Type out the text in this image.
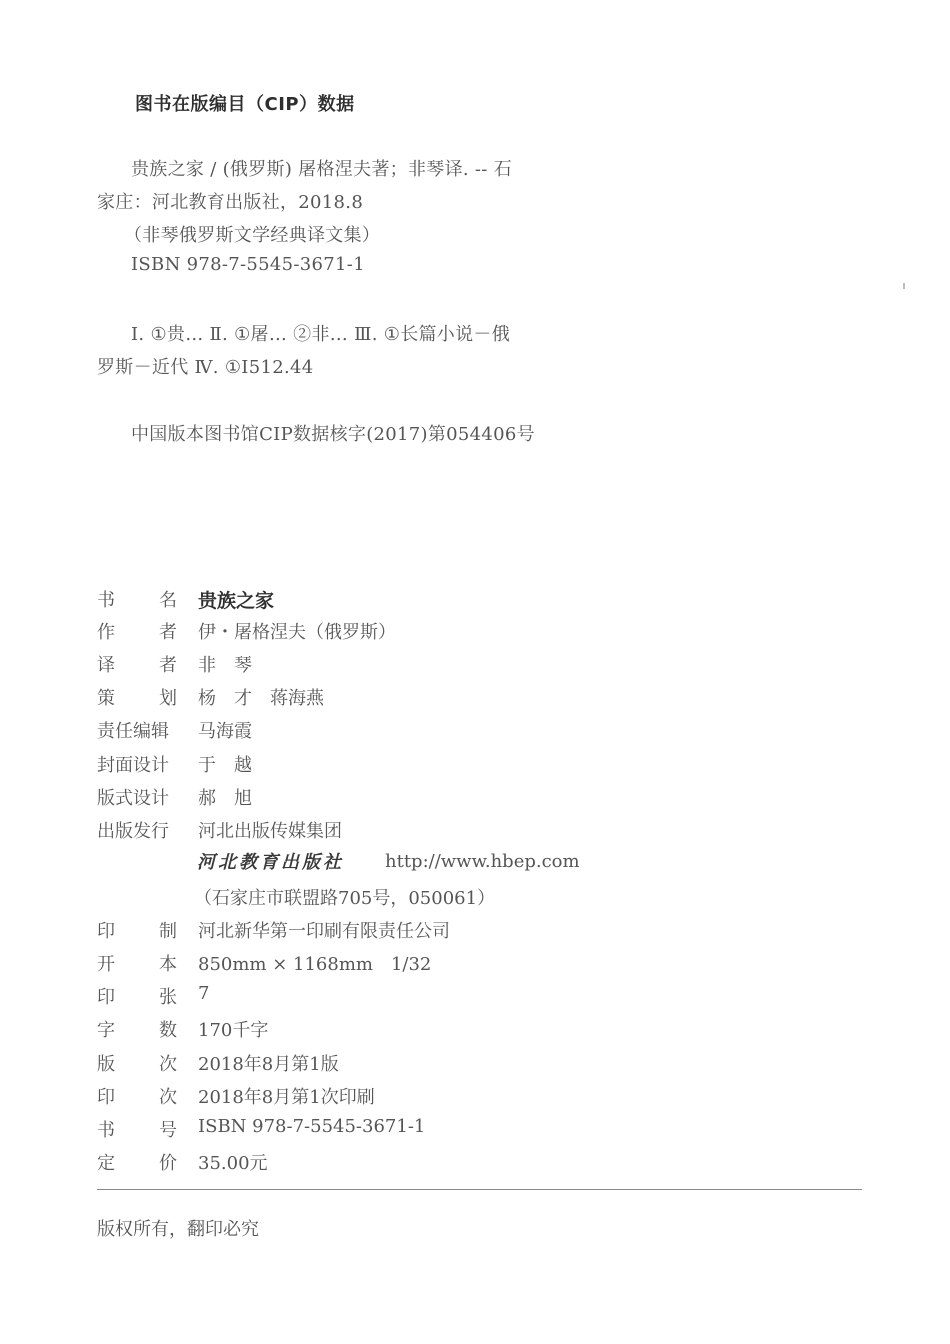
图书在版编目（CIP）数据
贵族之家 / (俄罗斯) 屠格涅夫著；非琴译. -- 石
家庄：河北教育出版社，2018.8
（非琴俄罗斯文学经典译文集）
ISBN 978-7-5545-3671-1
Ⅰ. ①贵… Ⅱ. ①屠… ②非… Ⅲ. ①长篇小说－俄
罗斯－近代 Ⅳ. ①I512.44
中国版本图书馆CIP数据核字(2017)第054406号
书 名 贵族之家
作 者 伊・屠格涅夫（俄罗斯）
译 者 非　琴
策 划 杨　才　蒋海燕
责任编辑	马海霞
封面设计	于　越
版式设计	郝　旭
出版发行	河北出版传媒集团
河北教育出版社 http://www.hbep.com
（石家庄市联盟路705号，050061）
印 制 河北新华第一印刷有限责任公司
开 本 850mm × 1168mm　1/32
印 张 7
字 数 170千字
版 次 2018年8月第1版
印 次 2018年8月第1次印刷
书 号 ISBN 978-7-5545-3671-1
定 价 35.00元
版权所有，翻印必究
